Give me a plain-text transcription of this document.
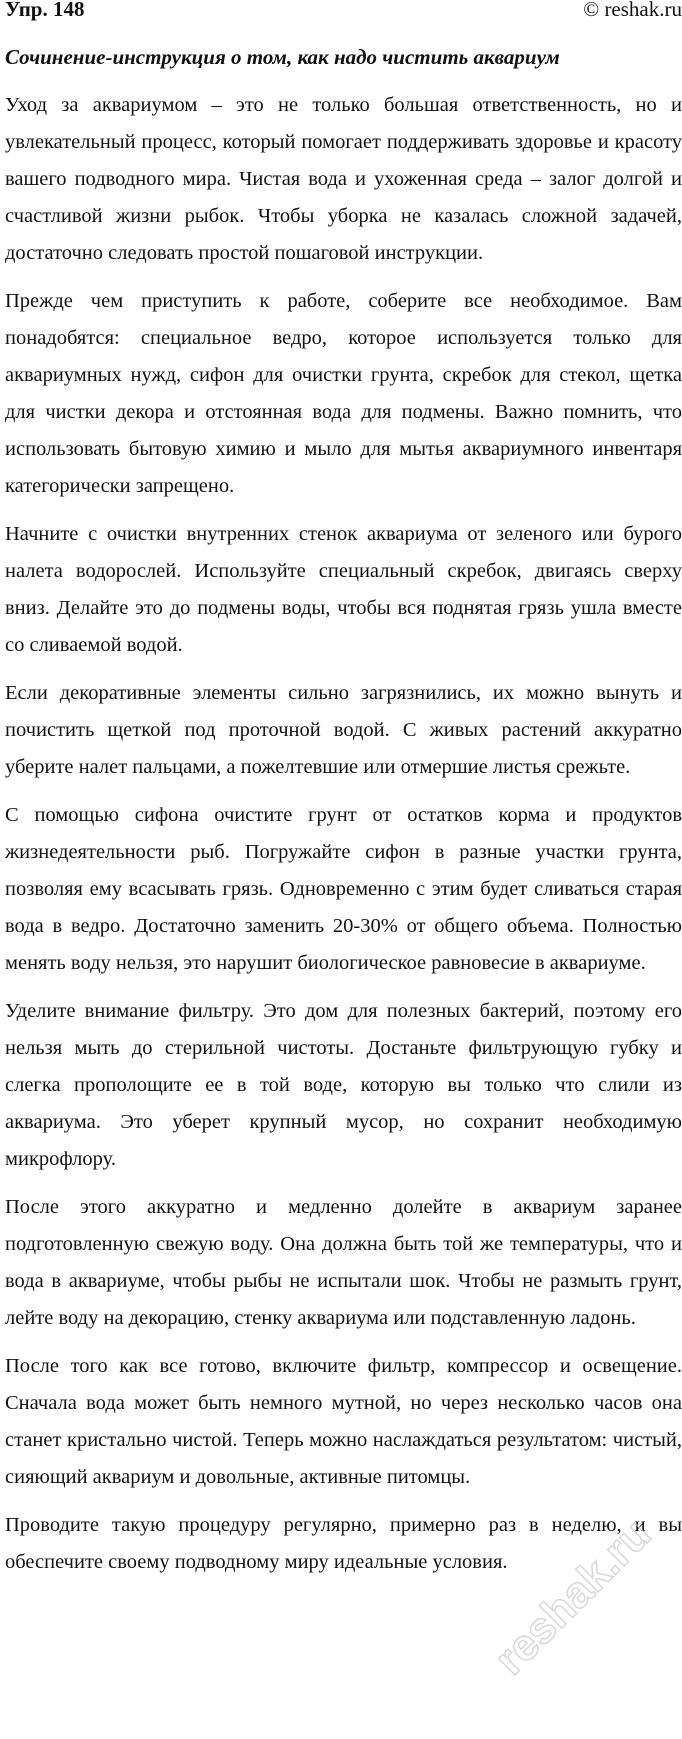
Упр. 148	© reshak.ru
Сочинение-инструкция о том, как надо чистить аквариум

Уход за аквариумом – это не только большая ответственность, но и увлекательный процесс, который помогает поддерживать здоровье и красоту вашего подводного мира. Чистая вода и ухоженная среда – залог долгой и счастливой жизни рыбок. Чтобы уборка не казалась сложной задачей, достаточно следовать простой пошаговой инструкции.

Прежде чем приступить к работе, соберите все необходимое. Вам понадобятся: специальное ведро, которое используется только для аквариумных нужд, сифон для очистки грунта, скребок для стекол, щетка для чистки декора и отстоянная вода для подмены. Важно помнить, что использовать бытовую химию и мыло для мытья аквариумного инвентаря категорически запрещено.

Начните с очистки внутренних стенок аквариума от зеленого или бурого налета водорослей. Используйте специальный скребок, двигаясь сверху вниз. Делайте это до подмены воды, чтобы вся поднятая грязь ушла вместе со сливаемой водой.

Если декоративные элементы сильно загрязнились, их можно вынуть и почистить щеткой под проточной водой. С живых растений аккуратно уберите налет пальцами, а пожелтевшие или отмершие листья срежьте.

С помощью сифона очистите грунт от остатков корма и продуктов жизнедеятельности рыб. Погружайте сифон в разные участки грунта, позволяя ему всасывать грязь. Одновременно с этим будет сливаться старая вода в ведро. Достаточно заменить 20-30% от общего объема. Полностью менять воду нельзя, это нарушит биологическое равновесие в аквариуме.

Уделите внимание фильтру. Это дом для полезных бактерий, поэтому его нельзя мыть до стерильной чистоты. Достаньте фильтрующую губку и слегка прополощите ее в той воде, которую вы только что слили из аквариума. Это уберет крупный мусор, но сохранит необходимую микрофлору.

После этого аккуратно и медленно долейте в аквариум заранее подготовленную свежую воду. Она должна быть той же температуры, что и вода в аквариуме, чтобы рыбы не испытали шок. Чтобы не размыть грунт, лейте воду на декорацию, стенку аквариума или подставленную ладонь.

После того как все готово, включите фильтр, компрессор и освещение. Сначала вода может быть немного мутной, но через несколько часов она станет кристально чистой. Теперь можно наслаждаться результатом: чистый, сияющий аквариум и довольные, активные питомцы.

Проводите такую процедуру регулярно, примерно раз в неделю, и вы обеспечите своему подводному миру идеальные условия.

reshak.ru
